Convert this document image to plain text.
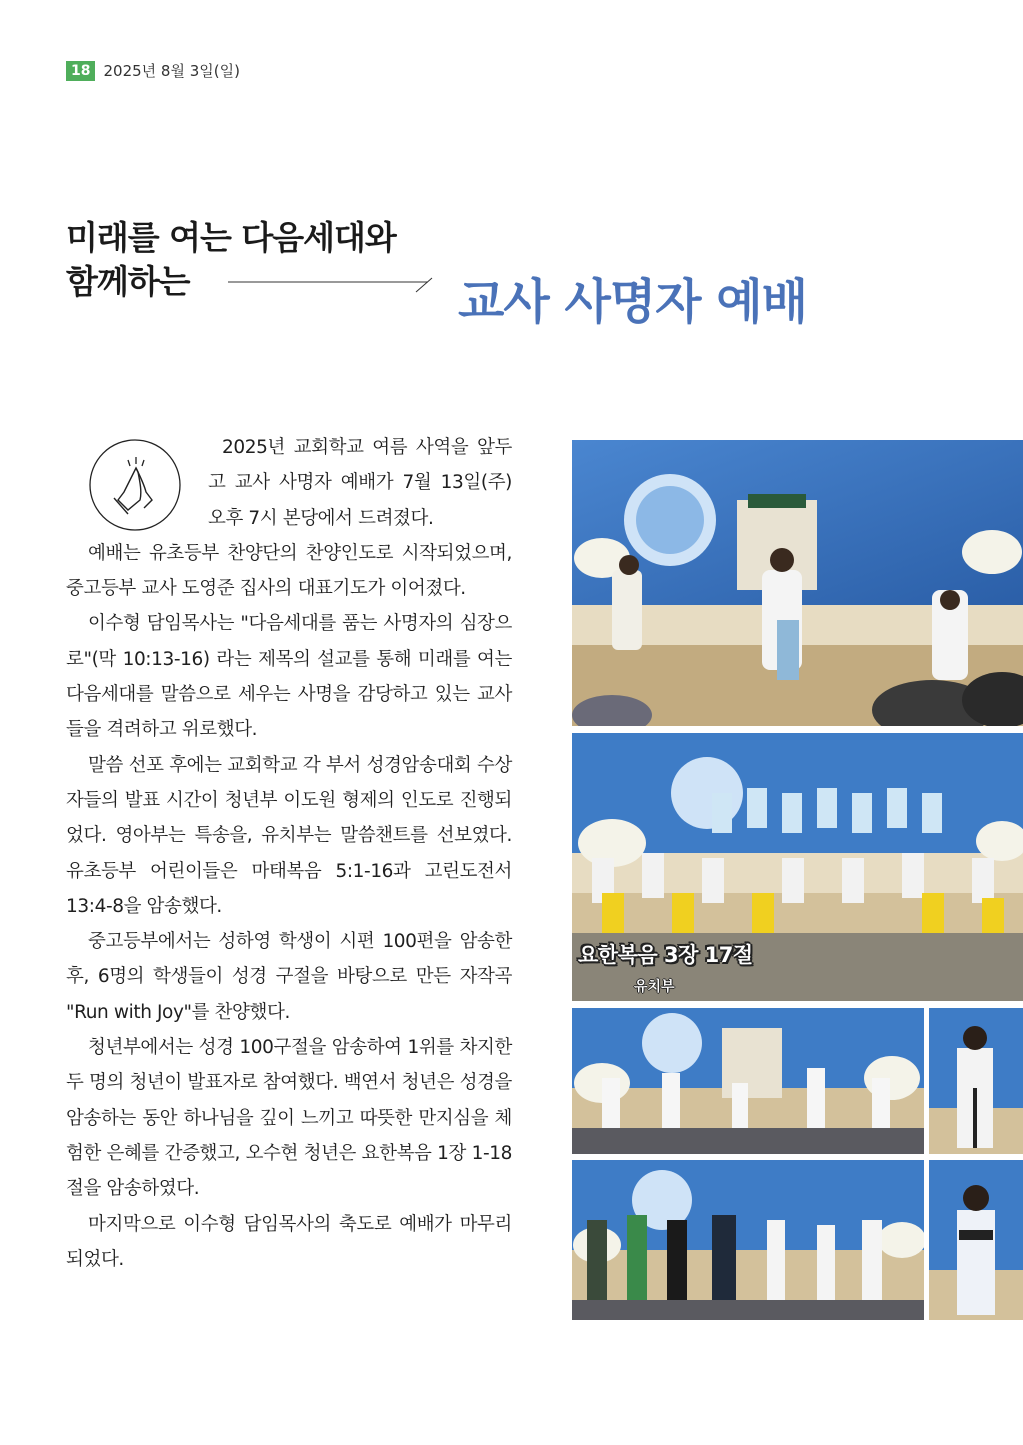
18 2025년 8월 3일(일)
미래를 여는 다음세대와
함께하는	교사 사명자 예배

2025년 교회학교 여름 사역을 앞두고 교사 사명자 예배가 7월 13일(주) 오후 7시 본당에서 드려졌다.

예배는 유초등부 찬양단의 찬양인도로 시작되었으며, 중고등부 교사 도영준 집사의 대표기도가 이어졌다.

이수형 담임목사는 "다음세대를 품는 사명자의 심장으로"(막 10:13-16) 라는 제목의 설교를 통해 미래를 여는 다음세대를 말씀으로 세우는 사명을 감당하고 있는 교사들을 격려하고 위로했다.

말씀 선포 후에는 교회학교 각 부서 성경암송대회 수상자들의 발표 시간이 청년부 이도원 형제의 인도로 진행되었다. 영아부는 특송을, 유치부는 말씀챈트를 선보였다. 유초등부 어린이들은 마태복음 5:1-16과 고린도전서 13:4-8을 암송했다.

중고등부에서는 성하영 학생이 시편 100편을 암송한 후, 6명의 학생들이 성경 구절을 바탕으로 만든 자작곡 "Run with Joy"를 찬양했다.

청년부에서는 성경 100구절을 암송하여 1위를 차지한 두 명의 청년이 발표자로 참여했다. 백연서 청년은 성경을 암송하는 동안 하나님을 깊이 느끼고 따뜻한 만지심을 체험한 은혜를 간증했고, 오수현 청년은 요한복음 1장 1-18절을 암송하였다.

마지막으로 이수형 담임목사의 축도로 예배가 마무리되었다.

요한복음 3장 17절
유치부
